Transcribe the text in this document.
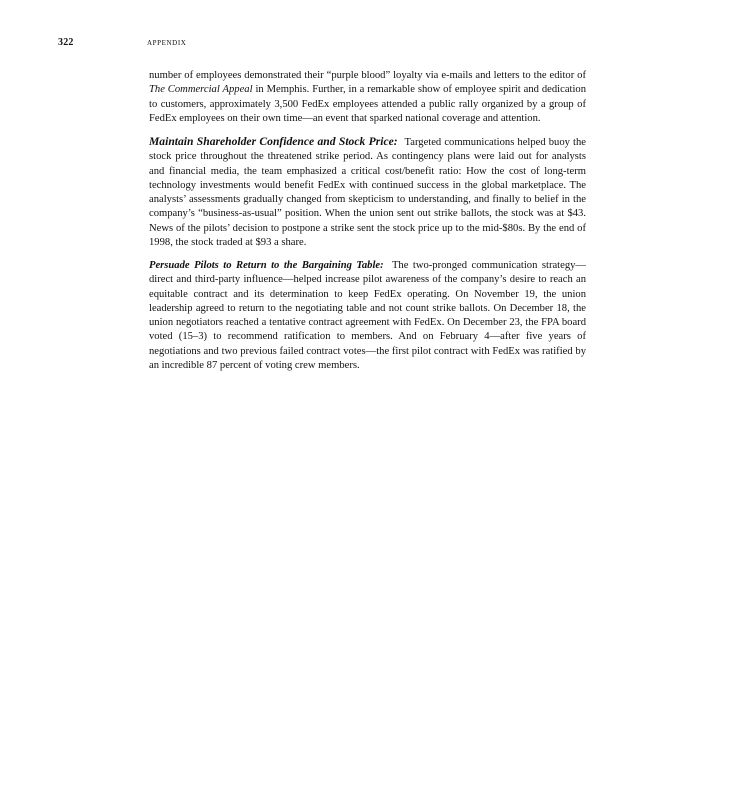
322	APPENDIX

number of employees demonstrated their “purple blood” loyalty via e-mails and letters to the editor of The Commercial Appeal in Memphis. Further, in a remarkable show of employee spirit and dedication to customers, approximately 3,500 FedEx employees attended a public rally organized by a group of FedEx employees on their own time—an event that sparked national coverage and attention.

Maintain Shareholder Confidence and Stock Price: Targeted communications helped buoy the stock price throughout the threatened strike period. As contingency plans were laid out for analysts and financial media, the team emphasized a critical cost/benefit ratio: How the cost of long-term technology investments would benefit FedEx with continued success in the global marketplace. The analysts’ assessments gradually changed from skepticism to understanding, and finally to belief in the company’s “business-as-usual” position. When the union sent out strike ballots, the stock was at $43. News of the pilots’ decision to postpone a strike sent the stock price up to the mid-$80s. By the end of 1998, the stock traded at $93 a share.

Persuade Pilots to Return to the Bargaining Table: The two-pronged communication strategy—direct and third-party influence—helped increase pilot awareness of the company’s desire to reach an equitable contract and its determination to keep FedEx operating. On November 19, the union leadership agreed to return to the negotiating table and not count strike ballots. On December 18, the union negotiators reached a tentative contract agreement with FedEx. On December 23, the FPA board voted (15–3) to recommend ratification to members. And on February 4—after five years of negotiations and two previous failed contract votes—the first pilot contract with FedEx was ratified by an incredible 87 percent of voting crew members.
